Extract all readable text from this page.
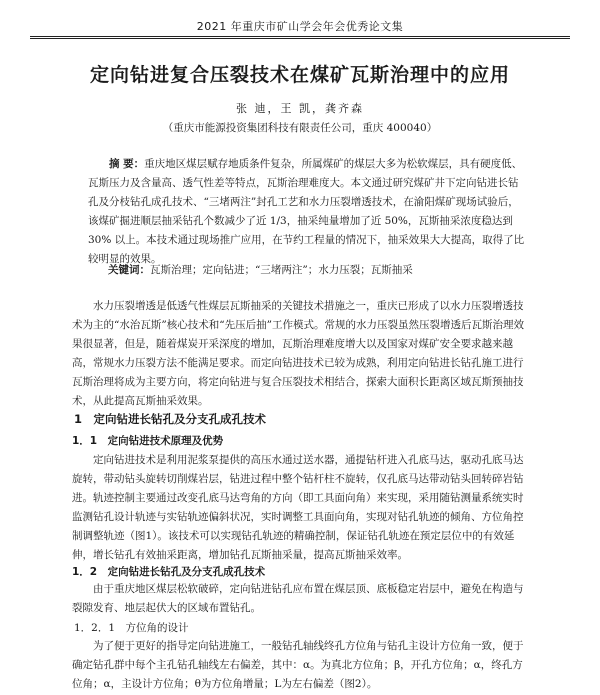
2021 年重庆市矿山学会年会优秀论文集
定向钻进复合压裂技术在煤矿瓦斯治理中的应用
张 迪，王 凯，龚齐森
（重庆市能源投资集团科技有限责任公司，重庆 400040）
摘 要：重庆地区煤层赋存地质条件复杂，所属煤矿的煤层大多为松软煤层，具有硬度低、瓦斯压力及含量高、透气性差等特点，瓦斯治理难度大。本文通过研究煤矿井下定向钻进长钻孔及分枝钻孔成孔技术、“三堵两注”封孔工艺和水力压裂增透技术，在渝阳煤矿现场试验后，该煤矿掘进顺层抽采钻孔个数减少了近 1/3，抽采纯量增加了近 50%，瓦斯抽采浓度稳达到 30% 以上。本技术通过现场推广应用，在节约工程量的情况下，抽采效果大大提高，取得了比较明显的效果。
关键词：瓦斯治理；定向钻进；“三堵两注”；水力压裂；瓦斯抽采
水力压裂增透是低透气性煤层瓦斯抽采的关键技术措施之一，重庆已形成了以水力压裂增透技术为主的“水治瓦斯”核心技术和“先压后抽”工作模式。常规的水力压裂虽然压裂增透后瓦斯治理效果很显著，但是，随着煤炭开采深度的增加，瓦斯治理难度增大以及国家对煤矿安全要求越来越高，常规水力压裂方法不能满足要求。而定向钻进技术已较为成熟，利用定向钻进长钻孔施工进行瓦斯治理将成为主要方向，将定向钻进与复合压裂技术相结合，探索大面积长距离区域瓦斯预抽技术，从此提高瓦斯抽采效果。
1　定向钻进长钻孔及分支孔成孔技术
1．1　定向钻进技术原理及优势
定向钻进技术是利用泥浆泵提供的高压水通过送水器，通提钻杆进入孔底马达，驱动孔底马达旋转，带动钻头旋转切削煤岩层，钻进过程中整个钻杆柱不旋转，仅孔底马达带动钻头回转碎岩钻进。轨迹控制主要通过改变孔底马达弯角的方向（即工具面向角）来实现，采用随钻测量系统实时监测钻孔设计轨迹与实钻轨迹偏斜状况，实时调整工具面向角，实现对钻孔轨迹的倾角、方位角控制调整轨迹（图1）。该技术可以实现钻孔轨迹的精确控制，保证钻孔轨迹在预定层位中的有效延伸，增长钻孔有效抽采距离，增加钻孔瓦斯抽采量，提高瓦斯抽采效率。
1．2　定向钻进长钻孔及分支孔成孔技术
由于重庆地区煤层松软破碎，定向钻进钻孔应布置在煤层顶、底板稳定岩层中，避免在构造与裂隙发育、地层起伏大的区域布置钻孔。
1．2．1　方位角的设计
为了便于更好的指导定向钻进施工，一般钻孔轴线终孔方位角与钻孔主设计方位角一致，便于确定钻孔群中每个主孔钻孔轴线左右偏差，其中：α。为真北方位角；β，开孔方位角；α，终孔方位角；α，主设计方位角；θ为方位角增量；L为左右偏差（图2）。
